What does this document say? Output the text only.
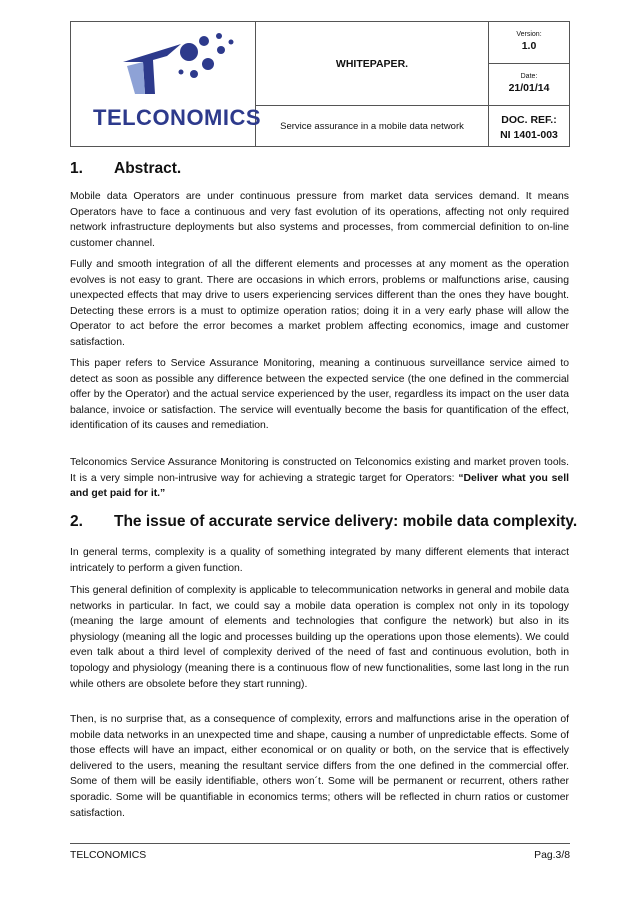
TELCONOMICS
WHITEPAPER.
Service assurance in a mobile data network
Version:
1.0
Date:
21/01/14
DOC. REF.:
NI 1401-003
1. Abstract.

Mobile data Operators are under continuous pressure from market data services demand. It means Operators have to face a continuous and very fast evolution of its operations, affecting not only required network infrastructure deployments but also systems and processes, from commercial definition to on-line customer channel.

Fully and smooth integration of all the different elements and processes at any moment as the operation evolves is not easy to grant. There are occasions in which errors, problems or malfunctions arise, causing unexpected effects that may drive to users experiencing services different than the ones they have bought. Detecting these errors is a must to optimize operation ratios; doing it in a very early phase will allow the Operator to act before the error becomes a market problem affecting economics, image and customer satisfaction.

This paper refers to Service Assurance Monitoring, meaning a continuous surveillance service aimed to detect as soon as possible any difference between the expected service (the one defined in the commercial offer by the Operator) and the actual service experienced by the user, regardless its impact on the user data balance, invoice or satisfaction. The service will eventually become the basis for quantification of the effect, identification of its causes and remediation.

Telconomics Service Assurance Monitoring is constructed on Telconomics existing and market proven tools. It is a very simple non-intrusive way for achieving a strategic target for Operators: “Deliver what you sell and get paid for it.”

2. The issue of accurate service delivery: mobile data complexity.

In general terms, complexity is a quality of something integrated by many different elements that interact intricately to perform a given function.

This general definition of complexity is applicable to telecommunication networks in general and mobile data networks in particular. In fact, we could say a mobile data operation is complex not only in its topology (meaning the large amount of elements and technologies that configure the network) but also in its physiology (meaning all the logic and processes building up the operations upon those elements). We could even talk about a third level of complexity derived of the need of fast and continuous evolution, both in topology and physiology (meaning there is a continuous flow of new functionalities, some last long in the run while others are obsolete before they start running).

Then, is no surprise that, as a consequence of complexity, errors and malfunctions arise in the operation of mobile data networks in an unexpected time and shape, causing a number of unpredictable effects. Some of those effects will have an impact, either economical or on quality or both, on the service that is effectively delivered to the users, meaning the resultant service differs from the one defined in the commercial offer. Some of them will be easily identifiable, others won´t. Some will be permanent or recurrent, others rather sporadic. Some will be quantifiable in economics terms; others will be reflected in churn ratios or customer satisfaction.

TELCONOMICS	Pag.3/8
